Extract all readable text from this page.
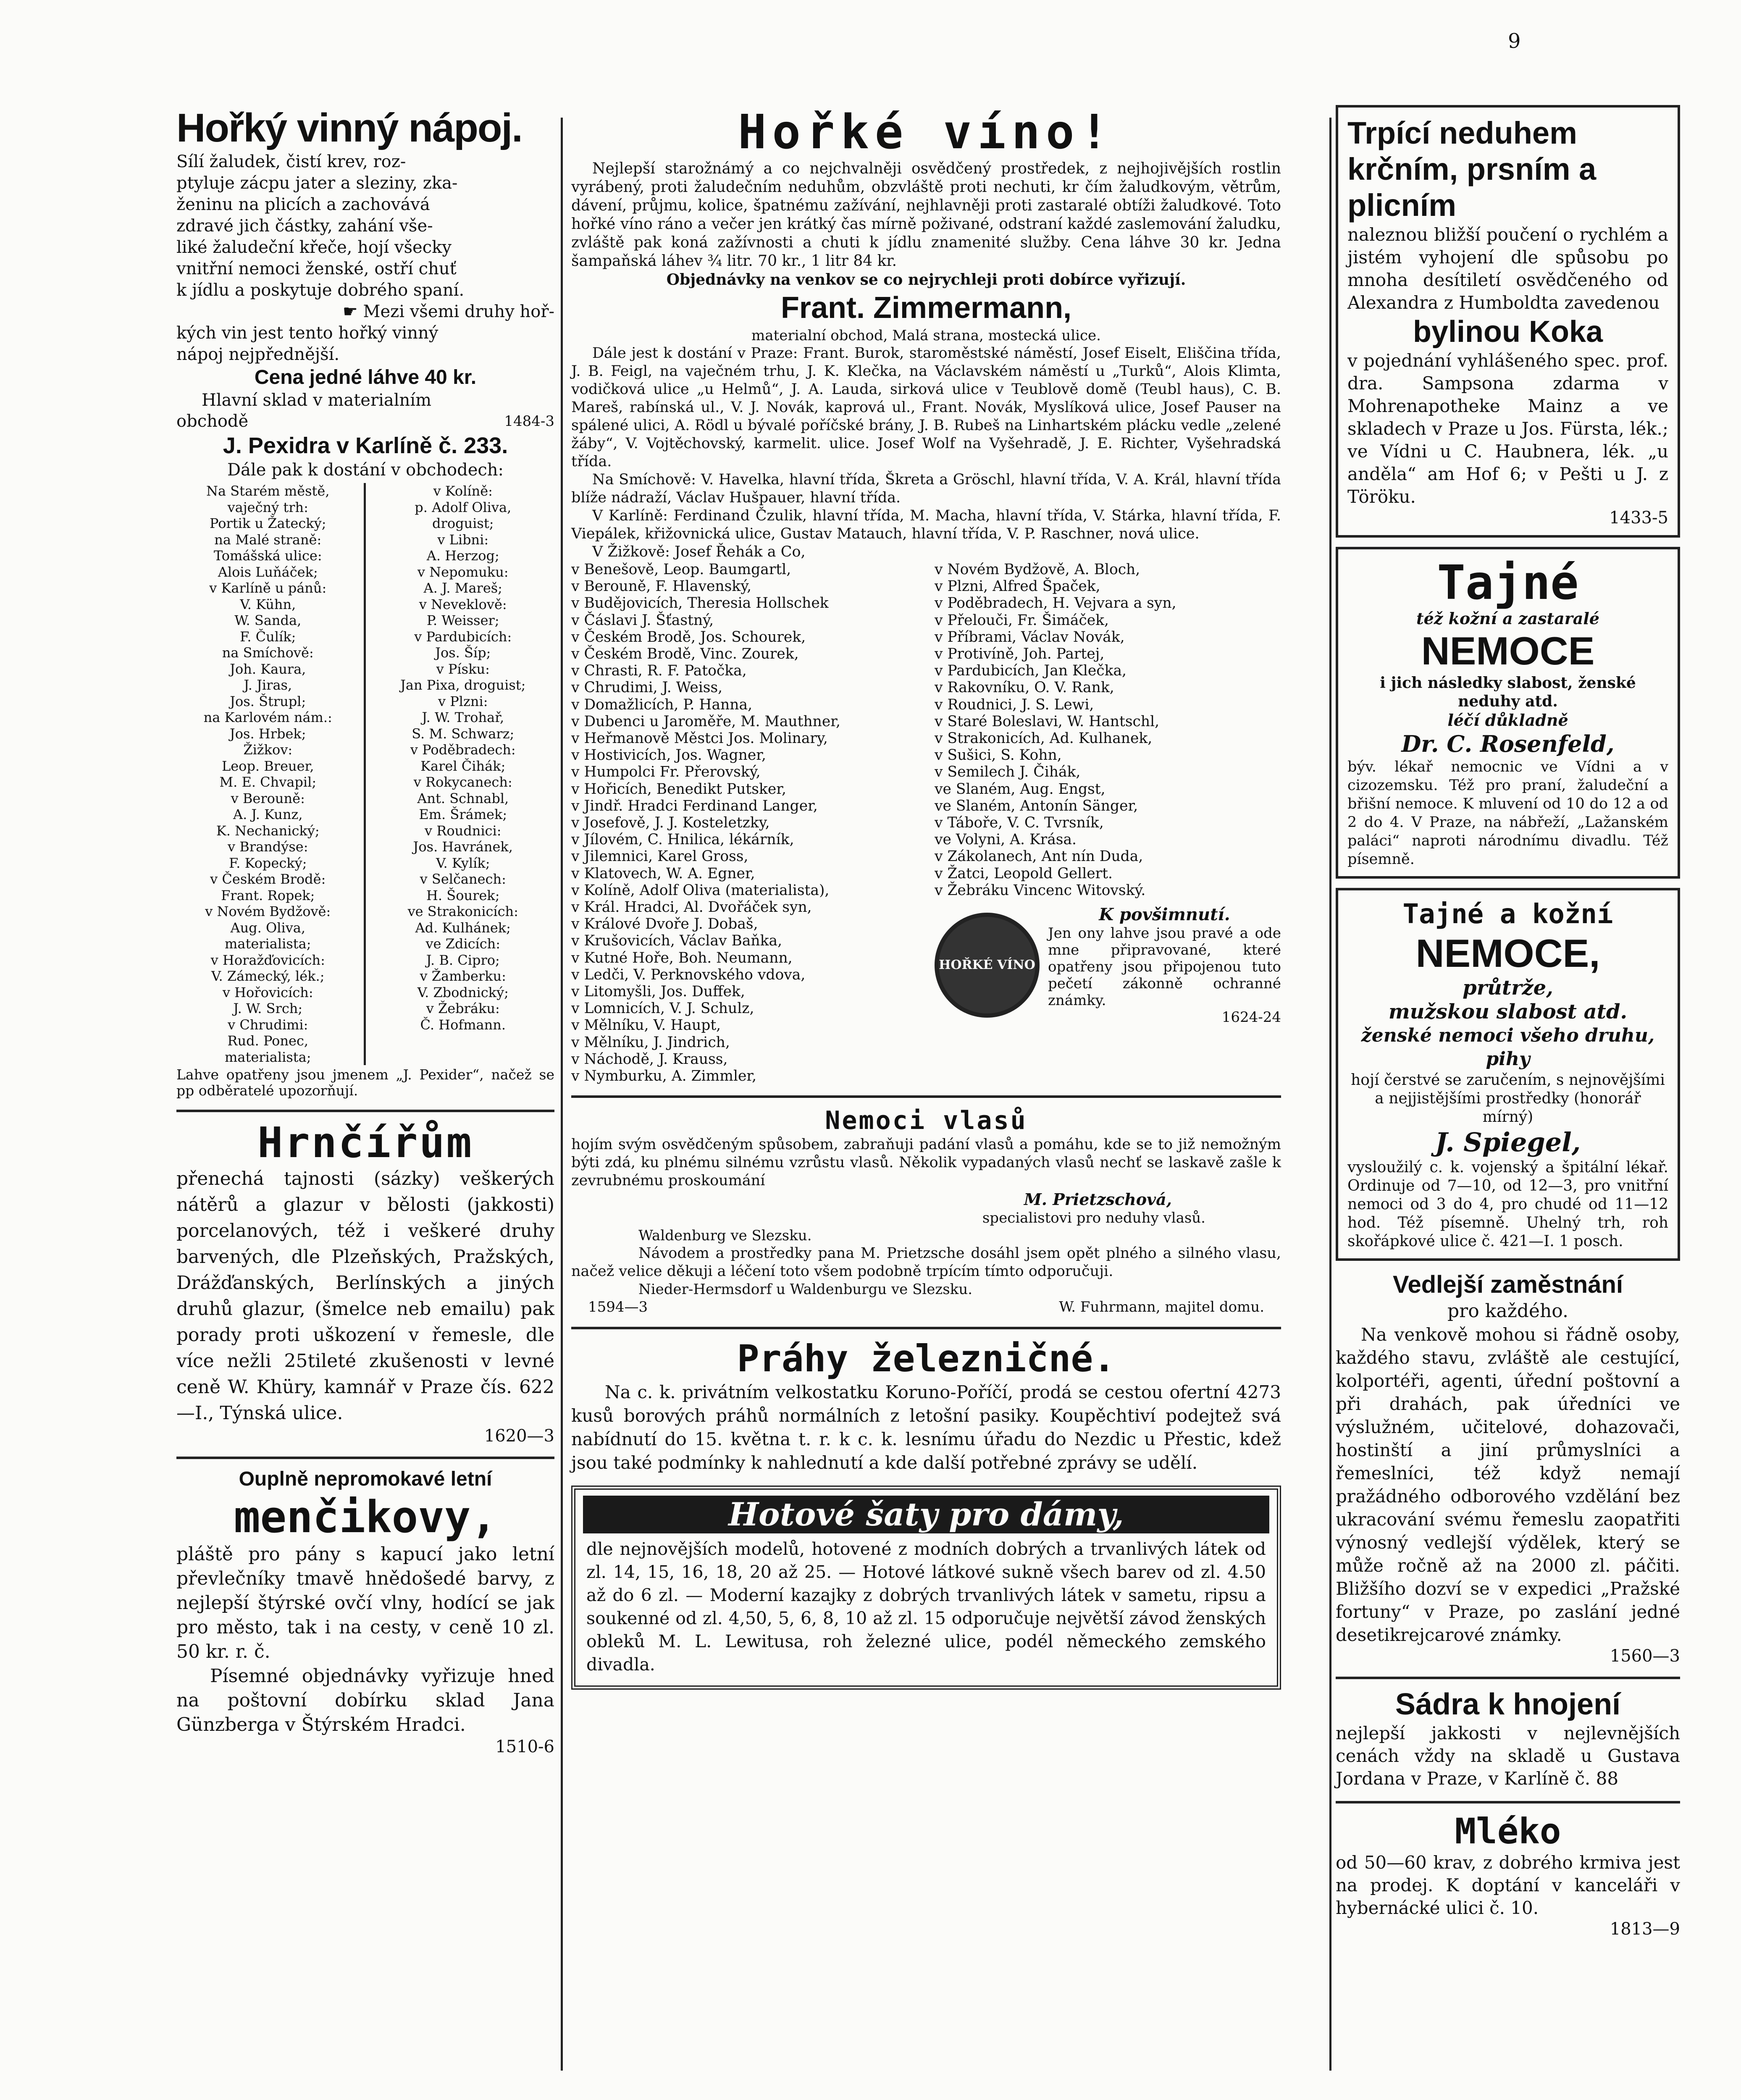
9
Hořký vinný nápoj.
Sílí žaludek, čistí krev, roz-
ptyluje zácpu jater a sleziny, zka-
ženinu na plicích a zachovává
zdravé jich částky, zahání vše-
liké žaludeční křeče, hojí všecky
vnitřní nemoci ženské, ostří chuť
k jídlu a poskytuje dobrého spaní.
☛ Mezi všemi druhy hoř-
kých vin jest tento hořký vinný
nápoj nejpřednější.
Cena jedné láhve 40 kr.
Hlavní sklad v materialním
obchodě	1484-3
J. Pexidra v Karlíně č. 233.
Dále pak k dostání v obchodech:
Na Starém městě,
vaječný trh:
Portik u Žatecký;
na Malé straně:
Tomášská ulice:
Alois Luňáček;
v Karlíně u pánů:
V. Kühn,
W. Sanda,
F. Čulík;
na Smíchově:
Joh. Kaura,
J. Jiras,
Jos. Štrupl;
na Karlovém nám.:
Jos. Hrbek;
Žižkov:
Leop. Breuer,
M. E. Chvapil;
v Berouně:
A. J. Kunz,
K. Nechanický;
v Brandýse:
F. Kopecký;
v Českém Brodě:
Frant. Ropek;
v Novém Bydžově:
Aug. Oliva,
materialista;
v Horažďovicích:
V. Zámecký, lék.;
v Hořovicích:
J. W. Srch;
v Chrudimi:
Rud. Ponec,
materialista;
v Kolíně:
p. Adolf Oliva,
droguist;
v Libni:
A. Herzog;
v Nepomuku:
A. J. Mareš;
v Neveklově:
P. Weisser;
v Pardubicích:
Jos. Šíp;
v Písku:
Jan Pixa, droguist;
v Plzni:
J. W. Trohař,
S. M. Schwarz;
v Poděbradech:
Karel Čihák;
v Rokycanech:
Ant. Schnabl,
Em. Šrámek;
v Roudnici:
Jos. Havránek,
V. Kylík;
v Selčanech:
H. Šourek;
ve Strakonicích:
Ad. Kulhánek;
ve Zdicích:
J. B. Cipro;
v Žamberku:
V. Zbodnický;
v Žebráku:
Č. Hofmann.
Lahve opatřeny jsou jmenem „J. Pexider“, načež se pp odběratelé upozorňují.
Hrnčířům
přenechá tajnosti (sázky) veškerých nátěrů a glazur v bělosti (jakkosti) porcelanových, též i veškeré druhy barvených, dle Plzeňských, Pražských, Drážďanských, Berlínských a jiných druhů glazur, (šmelce neb emailu) pak porady proti uškození v řemesle, dle více nežli 25tileté zkušenosti v levné ceně W. Khüry, kamnář v Praze čís. 622—I., Týnská ulice.
1620—3
Ouplně nepromokavé letní
menčikovy,
pláště pro pány s kapucí jako letní převlečníky tmavě hnědošedé barvy, z nejlepší štýrské ovčí vlny, hodící se jak pro město, tak i na cesty, v ceně 10 zl. 50 kr. r. č.
Písemné objednávky vyřizuje hned na poštovní dobírku sklad Jana Günzberga v Štýrském Hradci.
1510-6
Hořké víno!
Nejlepší starožnámý a co nejchvalněji osvědčený prostředek, z nejhojivějších rostlin vyrábený, proti žaludečním neduhům, obzvláště proti nechuti, kr čím žaludkovým, větrům, dávení, průjmu, kolice, špatnému zažívání, nejhlavněji proti zastaralé obtíži žaludkové. Toto hořké víno ráno a večer jen krátký čas mírně poživané, odstraní každé zaslemování žaludku, zvláště pak koná zažívnosti a chuti k jídlu znamenité služby. Cena láhve 30 kr. Jedna šampaňská láhev ¾ litr. 70 kr., 1 litr 84 kr.
Objednávky na venkov se co nejrychleji proti dobírce vyřizují.
Frant. Zimmermann,
materialní obchod, Malá strana, mostecká ulice.
Dále jest k dostání v Praze: Frant. Burok, staroměstské náměstí, Josef Eiselt, Eliščina třída, J. B. Feigl, na vaječném trhu, J. K. Klečka, na Václavském náměstí u „Turků“, Alois Klimta, vodičková ulice „u Helmů“, J. A. Lauda, sirková ulice v Teublově domě (Teubl haus), C. B. Mareš, rabínská ul., V. J. Novák, kaprová ul., Frant. Novák, Myslíková ulice, Josef Pauser na spálené ulici, A. Rödl u bývalé poříčské brány, J. B. Rubeš na Linhartském plácku vedle „zelené žáby“, V. Vojtěchovský, karmelit. ulice. Josef Wolf na Vyšehradě, J. E. Richter, Vyšehradská třída.
Na Smíchově: V. Havelka, hlavní třída, Škreta a Gröschl, hlavní třída, V. A. Král, hlavní třída blíže nádraží, Václav Hušpauer, hlavní třída.
V Karlíně: Ferdinand Čzulik, hlavní třída, M. Macha, hlavní třída, V. Stárka, hlavní třída, F. Viepálek, křižovnická ulice, Gustav Matauch, hlavní třída, V. P. Raschner, nová ulice.
V Žižkově: Josef Řehák a Co,
v Benešově, Leop. Baumgartl,
v Berouně, F. Hlavenský,
v Budějovicích, Theresia Hollschek
v Čáslavi J. Šťastný,
v Českém Brodě, Jos. Schourek,
v Českém Brodě, Vinc. Zourek,
v Chrasti, R. F. Patočka,
v Chrudimi, J. Weiss,
v Domažlicích, P. Hanna,
v Dubenci u Jaroměře, M. Mauthner,
v Heřmanově Městci Jos. Molinary,
v Hostivicích, Jos. Wagner,
v Humpolci Fr. Přerovský,
v Hořicích, Benedikt Putsker,
v Jindř. Hradci Ferdinand Langer,
v Josefově, J. J. Kosteletzky,
v Jílovém, C. Hnilica, lékárník,
v Jilemnici, Karel Gross,
v Klatovech, W. A. Egner,
v Kolíně, Adolf Oliva (materialista),
v Král. Hradci, Al. Dvořáček syn,
v Králové Dvoře J. Dobaš,
v Krušovicích, Václav Baňka,
v Kutné Hoře, Boh. Neumann,
v Ledči, V. Perknovského vdova,
v Litomyšli, Jos. Duffek,
v Lomnicích, V. J. Schulz,
v Mělníku, V. Haupt,
v Mělníku, J. Jindrich,
v Náchodě, J. Krauss,
v Nymburku, A. Zimmler,
v Novém Bydžově, A. Bloch,
v Plzni, Alfred Špaček,
v Poděbradech, H. Vejvara a syn,
v Přelouči, Fr. Šimáček,
v Příbrami, Václav Novák,
v Protivíně, Joh. Partej,
v Pardubicích, Jan Klečka,
v Rakovníku, O. V. Rank,
v Roudnici, J. S. Lewi,
v Staré Boleslavi, W. Hantschl,
v Strakonicích, Ad. Kulhanek,
v Sušici, S. Kohn,
v Semilech J. Čihák,
ve Slaném, Aug. Engst,
ve Slaném, Antonín Sänger,
v Táboře, V. C. Tvrsník,
ve Volyni, A. Krása.
v Zákolanech, Ant nín Duda,
v Žatci, Leopold Gellert.
v Žebráku Vincenc Witovský.
HOŘKÉ VÍNO
K povšimnutí.
Jen ony lahve jsou pravé a ode mne připravované, které opatřeny jsou připojenou tuto pečetí zákonně ochranné známky.
1624-24
Nemoci vlasů
hojím svým osvědčeným spůsobem, zabraňuji padání vlasů a pomáhu, kde se to již nemožným býti zdá, ku plnému silnému vzrůstu vlasů. Několik vypadaných vlasů nechť se laskavě zašle k zevrubnému proskoumání
M. Prietzschová,
specialistovi pro neduhy vlasů.
Waldenburg ve Slezsku.
Návodem a prostředky pana M. Prietzsche dosáhl jsem opět plného a silného vlasu, načež velice děkuji a léčení toto všem podobně trpícím tímto odporučuji.
Nieder-Hermsdorf u Waldenburgu ve Slezsku.
1594—3	W. Fuhrmann, majitel domu.
Práhy železničné.
Na c. k. privátním velkostatku Koruno-Poříčí, prodá se cestou ofertní 4273 kusů borových práhů normálních z letošní pasiky. Koupěchtiví podejtež svá nabídnutí do 15. května t. r. k c. k. lesnímu úřadu do Nezdic u Přestic, kdež jsou také podmínky k nahlednutí a kde další potřebné zprávy se udělí.
Hotové šaty pro dámy,
dle nejnovějších modelů, hotovené z modních dobrých a trvanlivých látek od zl. 14, 15, 16, 18, 20 až 25. — Hotové látkové sukně všech barev od zl. 4.50 až do 6 zl. — Moderní kazajky z dobrých trvanlivých látek v sametu, ripsu a soukenné od zl. 4,50, 5, 6, 8, 10 až zl. 15 odporučuje největší závod ženských obleků M. L. Lewitusa, roh železné ulice, podél německého zemského divadla.
Trpící neduhem krčním, prsním a plicním
naleznou bližší poučení o rychlém a jistém vyhojení dle spůsobu po mnoha desítiletí osvědčeného od Alexandra z Humboldta zavedenou
bylinou Koka
v pojednání vyhlášeného spec. prof. dra. Sampsona zdarma v Mohrenapotheke Mainz a ve skladech v Praze u Jos. Fürsta, lék.; ve Vídni u C. Haubnera, lék. „u anděla“ am Hof 6; v Pešti u J. z Töröku.
1433-5
Tajné
též kožní a zastaralé
NEMOCE
i jich následky slabost, ženské neduhy atd.
léčí důkladně
Dr. C. Rosenfeld,
býv. lékař nemocnic ve Vídni a v cizozemsku. Též pro praní, žaludeční a břišní nemoce. K mluvení od 10 do 12 a od 2 do 4. V Praze, na nábřeží, „Lažanském paláci“ naproti národnímu divadlu. Též písemně.
Tajné a kožní
NEMOCE,
průtrže,
mužskou slabost atd.
ženské nemoci všeho druhu, pihy
hojí čerstvé se zaručením, s nejnovějšími a nejjistějšími prostředky (honorář mírný)
J. Spiegel,
vysloužilý c. k. vojenský a špitální lékař. Ordinuje od 7—10, od 12—3, pro vnitřní nemoci od 3 do 4, pro chudé od 11—12 hod. Též písemně. Uhelný trh, roh skořápkové ulice č. 421—I. 1 posch.
Vedlejší zaměstnání
pro každého.
Na venkově mohou si řádně osoby, každého stavu, zvláště ale cestující, kolportéři, agenti, úřední poštovní a při drahách, pak úředníci ve výslužném, učitelové, dohazovači, hostinští a jiní průmyslníci a řemeslníci, též když nemají pražádného odborového vzdělání bez ukracování svému řemeslu zaopatřiti výnosný vedlejší výdělek, který se může ročně až na 2000 zl. páčiti. Bližšího dozví se v expedici „Pražské fortuny“ v Praze, po zaslání jedné desetikrejcarové známky.
1560—3
Sádra k hnojení
nejlepší jakkosti v nejlevnějších cenách vždy na skladě u Gustava Jordana v Praze, v Karlíně č. 88
Mléko
od 50—60 krav, z dobrého krmiva jest na prodej. K doptání v kanceláři v hybernácké ulici č. 10.
1813—9
